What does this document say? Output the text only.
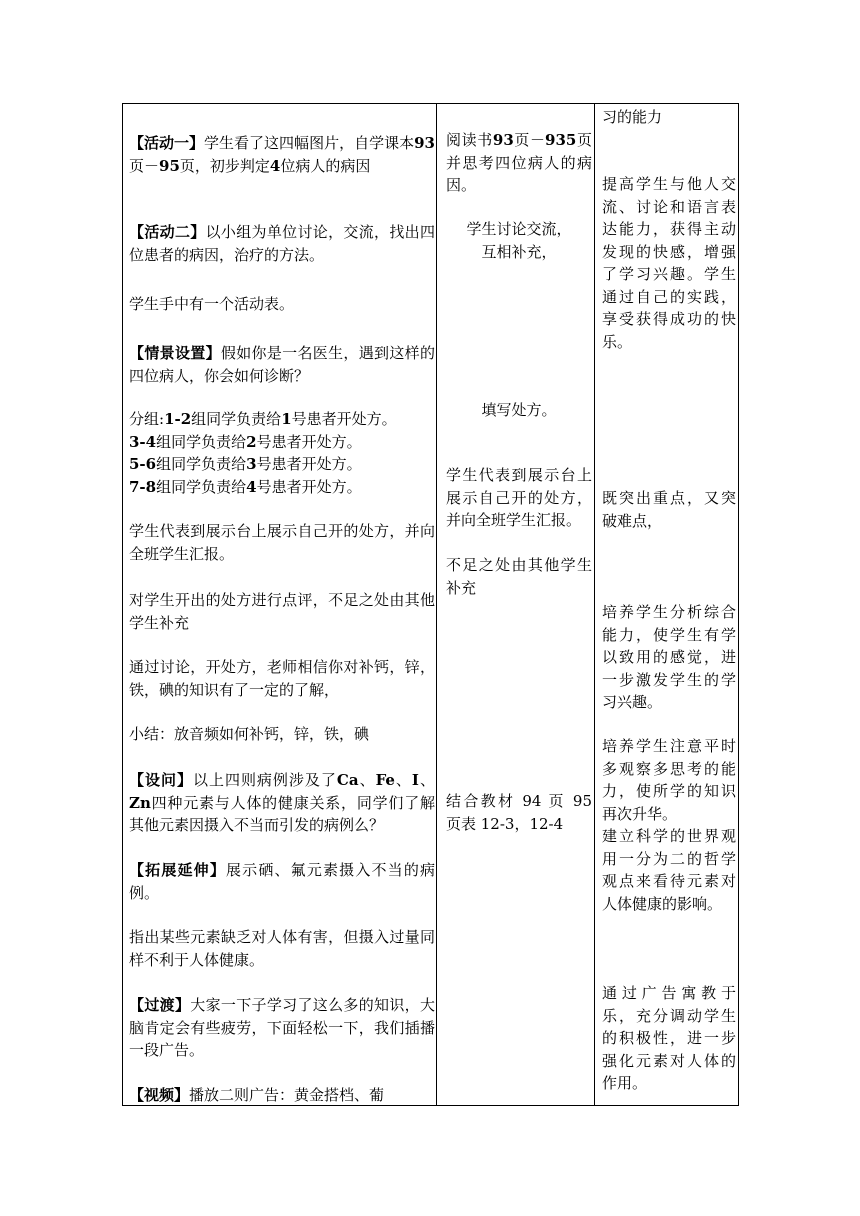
【活动一】学生看了这四幅图片，自学课本93页－95页，初步判定4位病人的病因
【活动二】以小组为单位讨论，交流，找出四位患者的病因，治疗的方法。
学生手中有一个活动表。
【情景设置】假如你是一名医生，遇到这样的四位病人，你会如何诊断？
分组:1-2组同学负责给1号患者开处方。
3-4组同学负责给2号患者开处方。
5-6组同学负责给3号患者开处方。
7-8组同学负责给4号患者开处方。
学生代表到展示台上展示自己开的处方，并向全班学生汇报。
对学生开出的处方进行点评，不足之处由其他学生补充
通过讨论，开处方，老师相信你对补钙，锌，铁，碘的知识有了一定的了解，
小结：放音频如何补钙，锌，铁，碘
【设问】以上四则病例涉及了Ca、Fe、I、Zn四种元素与人体的健康关系，同学们了解其他元素因摄入不当而引发的病例么？
【拓展延伸】展示硒、氟元素摄入不当的病例。
指出某些元素缺乏对人体有害，但摄入过量同样不利于人体健康。
【过渡】大家一下子学习了这么多的知识，大脑肯定会有些疲劳，下面轻松一下，我们插播一段广告。
【视频】播放二则广告：黄金搭档、葡
阅读书93页－935页并思考四位病人的病因。
学生讨论交流，
互相补充，
填写处方。
学生代表到展示台上展示自己开的处方，并向全班学生汇报。
不足之处由其他学生补充
结合教材 94 页 95 页表 12-3，12-4
习的能力
提高学生与他人交流、讨论和语言表达能力，获得主动发现的快感，增强了学习兴趣。学生通过自己的实践，享受获得成功的快乐。
既突出重点，又突破难点，
培养学生分析综合能力，使学生有学以致用的感觉，进一步激发学生的学习兴趣。
培养学生注意平时多观察多思考的能力，使所学的知识再次升华。
建立科学的世界观用一分为二的哲学观点来看待元素对人体健康的影响。
通过广告寓教于乐，充分调动学生的积极性，进一步强化元素对人体的作用。
